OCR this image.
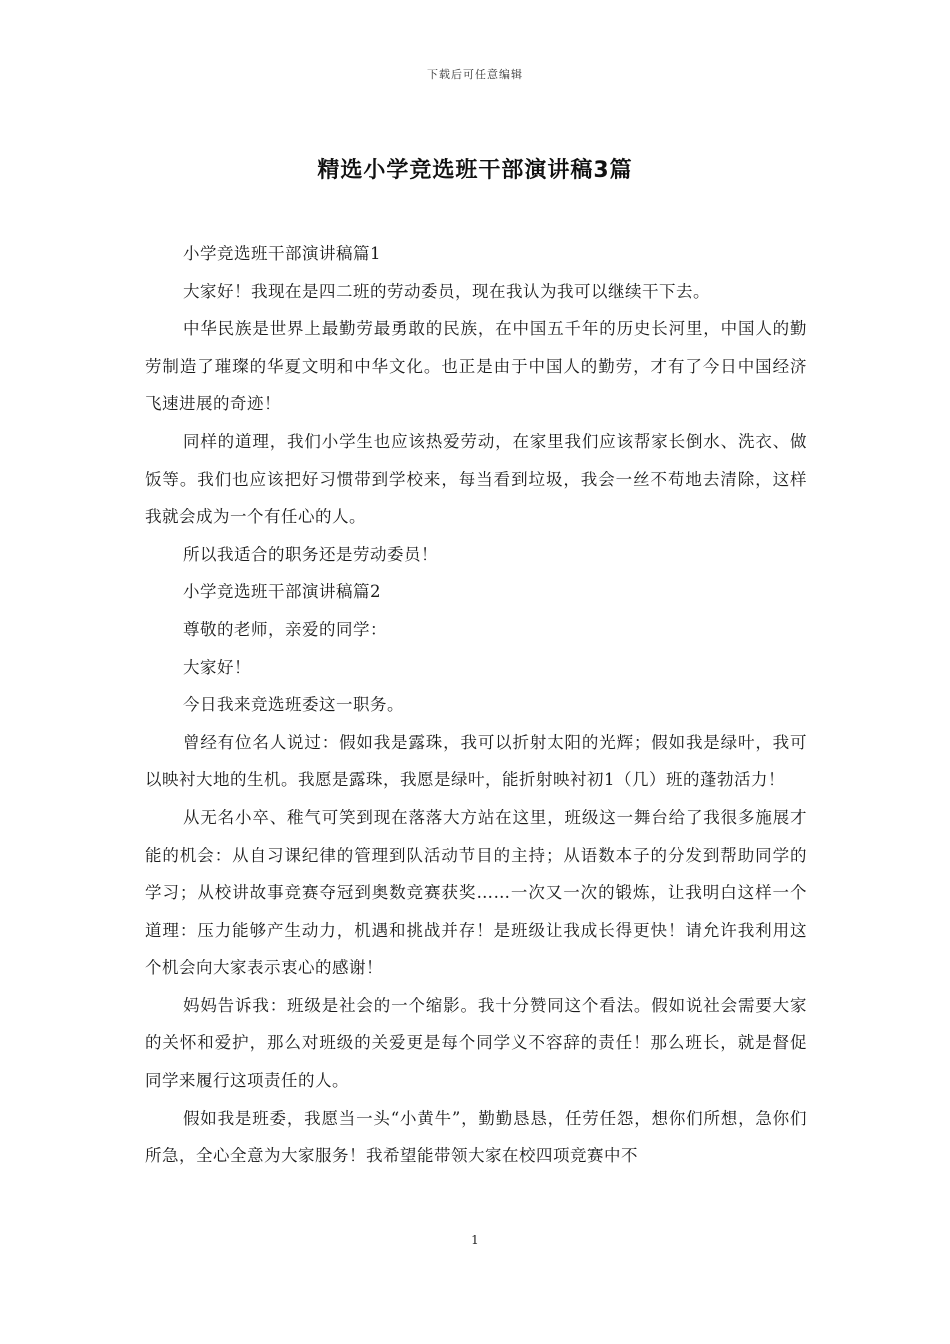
下载后可任意编辑
精选小学竞选班干部演讲稿3篇

小学竞选班干部演讲稿篇1

大家好！我现在是四二班的劳动委员，现在我认为我可以继续干下去。

中华民族是世界上最勤劳最勇敢的民族，在中国五千年的历史长河里，中国人的勤劳制造了璀璨的华夏文明和中华文化。也正是由于中国人的勤劳，才有了今日中国经济飞速进展的奇迹！

同样的道理，我们小学生也应该热爱劳动，在家里我们应该帮家长倒水、洗衣、做饭等。我们也应该把好习惯带到学校来，每当看到垃圾，我会一丝不苟地去清除，这样我就会成为一个有任心的人。

所以我适合的职务还是劳动委员！

小学竞选班干部演讲稿篇2

尊敬的老师，亲爱的同学：

大家好！

今日我来竞选班委这一职务。

曾经有位名人说过：假如我是露珠，我可以折射太阳的光辉；假如我是绿叶，我可以映衬大地的生机。我愿是露珠，我愿是绿叶，能折射映衬初1（几）班的蓬勃活力！

从无名小卒、稚气可笑到现在落落大方站在这里，班级这一舞台给了我很多施展才能的机会：从自习课纪律的管理到队活动节目的主持；从语数本子的分发到帮助同学的学习；从校讲故事竞赛夺冠到奥数竞赛获奖……一次又一次的锻炼，让我明白这样一个道理：压力能够产生动力，机遇和挑战并存！是班级让我成长得更快！请允许我利用这个机会向大家表示衷心的感谢！

妈妈告诉我：班级是社会的一个缩影。我十分赞同这个看法。假如说社会需要大家的关怀和爱护，那么对班级的关爱更是每个同学义不容辞的责任！那么班长，就是督促同学来履行这项责任的人。

假如我是班委，我愿当一头“小黄牛”，勤勤恳恳，任劳任怨，想你们所想，急你们所急，全心全意为大家服务！我希望能带领大家在校四项竞赛中不

1
